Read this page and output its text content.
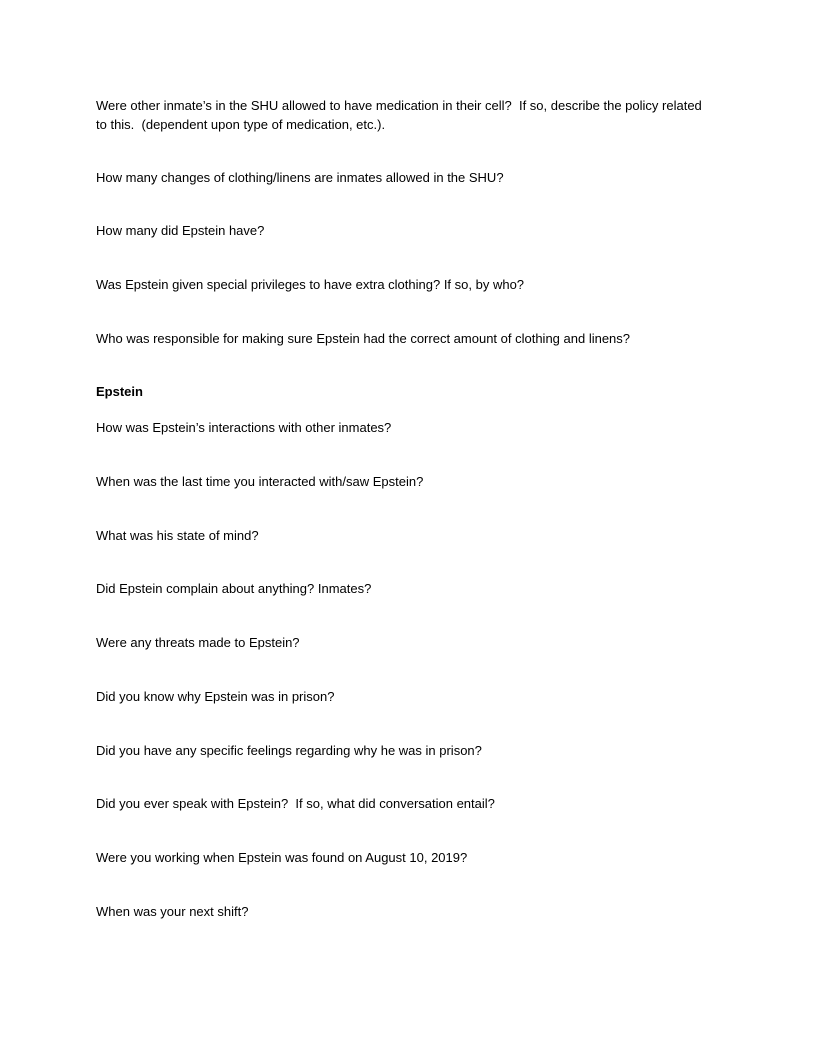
Were other inmate’s in the SHU allowed to have medication in their cell?  If so, describe the policy related to this.  (dependent upon type of medication, etc.).

How many changes of clothing/linens are inmates allowed in the SHU?

How many did Epstein have?

Was Epstein given special privileges to have extra clothing? If so, by who?

Who was responsible for making sure Epstein had the correct amount of clothing and linens?

Epstein

How was Epstein’s interactions with other inmates?

When was the last time you interacted with/saw Epstein?

What was his state of mind?

Did Epstein complain about anything? Inmates?

Were any threats made to Epstein?

Did you know why Epstein was in prison?

Did you have any specific feelings regarding why he was in prison?

Did you ever speak with Epstein?  If so, what did conversation entail?

Were you working when Epstein was found on August 10, 2019?

When was your next shift?
